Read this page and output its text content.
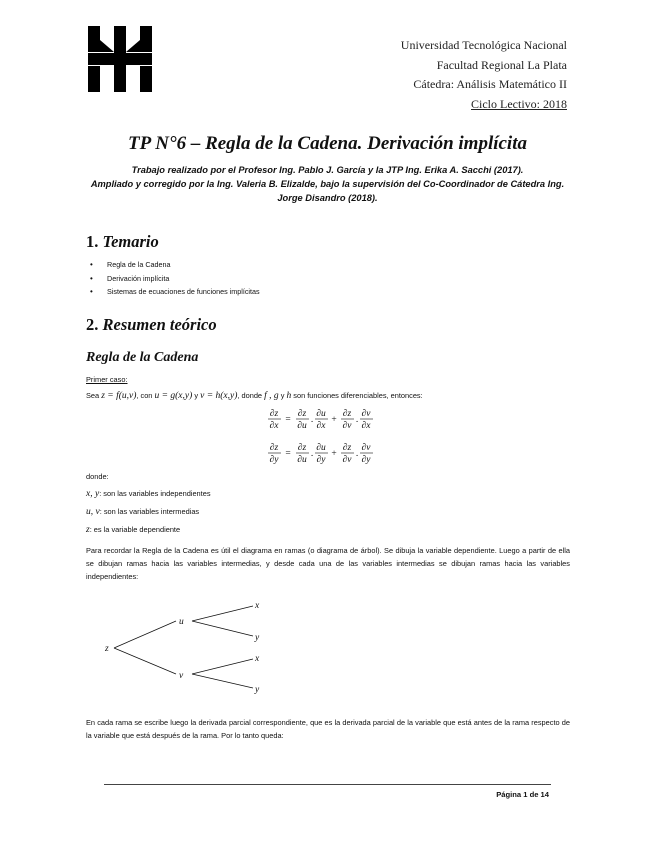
Universidad Tecnológica Nacional
Facultad Regional La Plata
Cátedra: Análisis Matemático II
Ciclo Lectivo: 2018
TP N°6 – Regla de la Cadena. Derivación implícita
Trabajo realizado por el Profesor Ing. Pablo J. García y la JTP Ing. Erika A. Sacchi (2017).
Ampliado y corregido por la Ing. Valeria B. Elizalde, bajo la supervisión del Co-Coordinador de Cátedra Ing. Jorge Disandro (2018).
1. Temario
• Regla de la Cadena
• Derivación implícita
• Sistemas de ecuaciones de funciones implícitas
2. Resumen teórico
Regla de la Cadena
Primer caso:
Sea z = f(u,v), con u = g(x,y) y v = h(x,y), donde f , g y h son funciones diferenciables, entonces:
∂z
∂x
=
∂z
∂u
.
∂u
∂x
+
∂z
∂v
.
∂v
∂x
∂z
∂y
=
∂z
∂u
.
∂u
∂y
+
∂z
∂v
.
∂v
∂y
donde:
x, y: son las variables independientes
u, v: son las variables intermedias
z: es la variable dependiente
Para recordar la Regla de la Cadena es útil el diagrama en ramas (o diagrama de árbol). Se dibuja la variable dependiente. Luego a partir de ella se dibujan ramas hacia las variables intermedias, y desde cada una de las variables intermedias se dibujan ramas hacia las variables independientes:
z
u
v
x
y
x
y
En cada rama se escribe luego la derivada parcial correspondiente, que es la derivada parcial de la variable que está antes de la rama respecto de la variable que está después de la rama. Por lo tanto queda:
Página 1 de 14
